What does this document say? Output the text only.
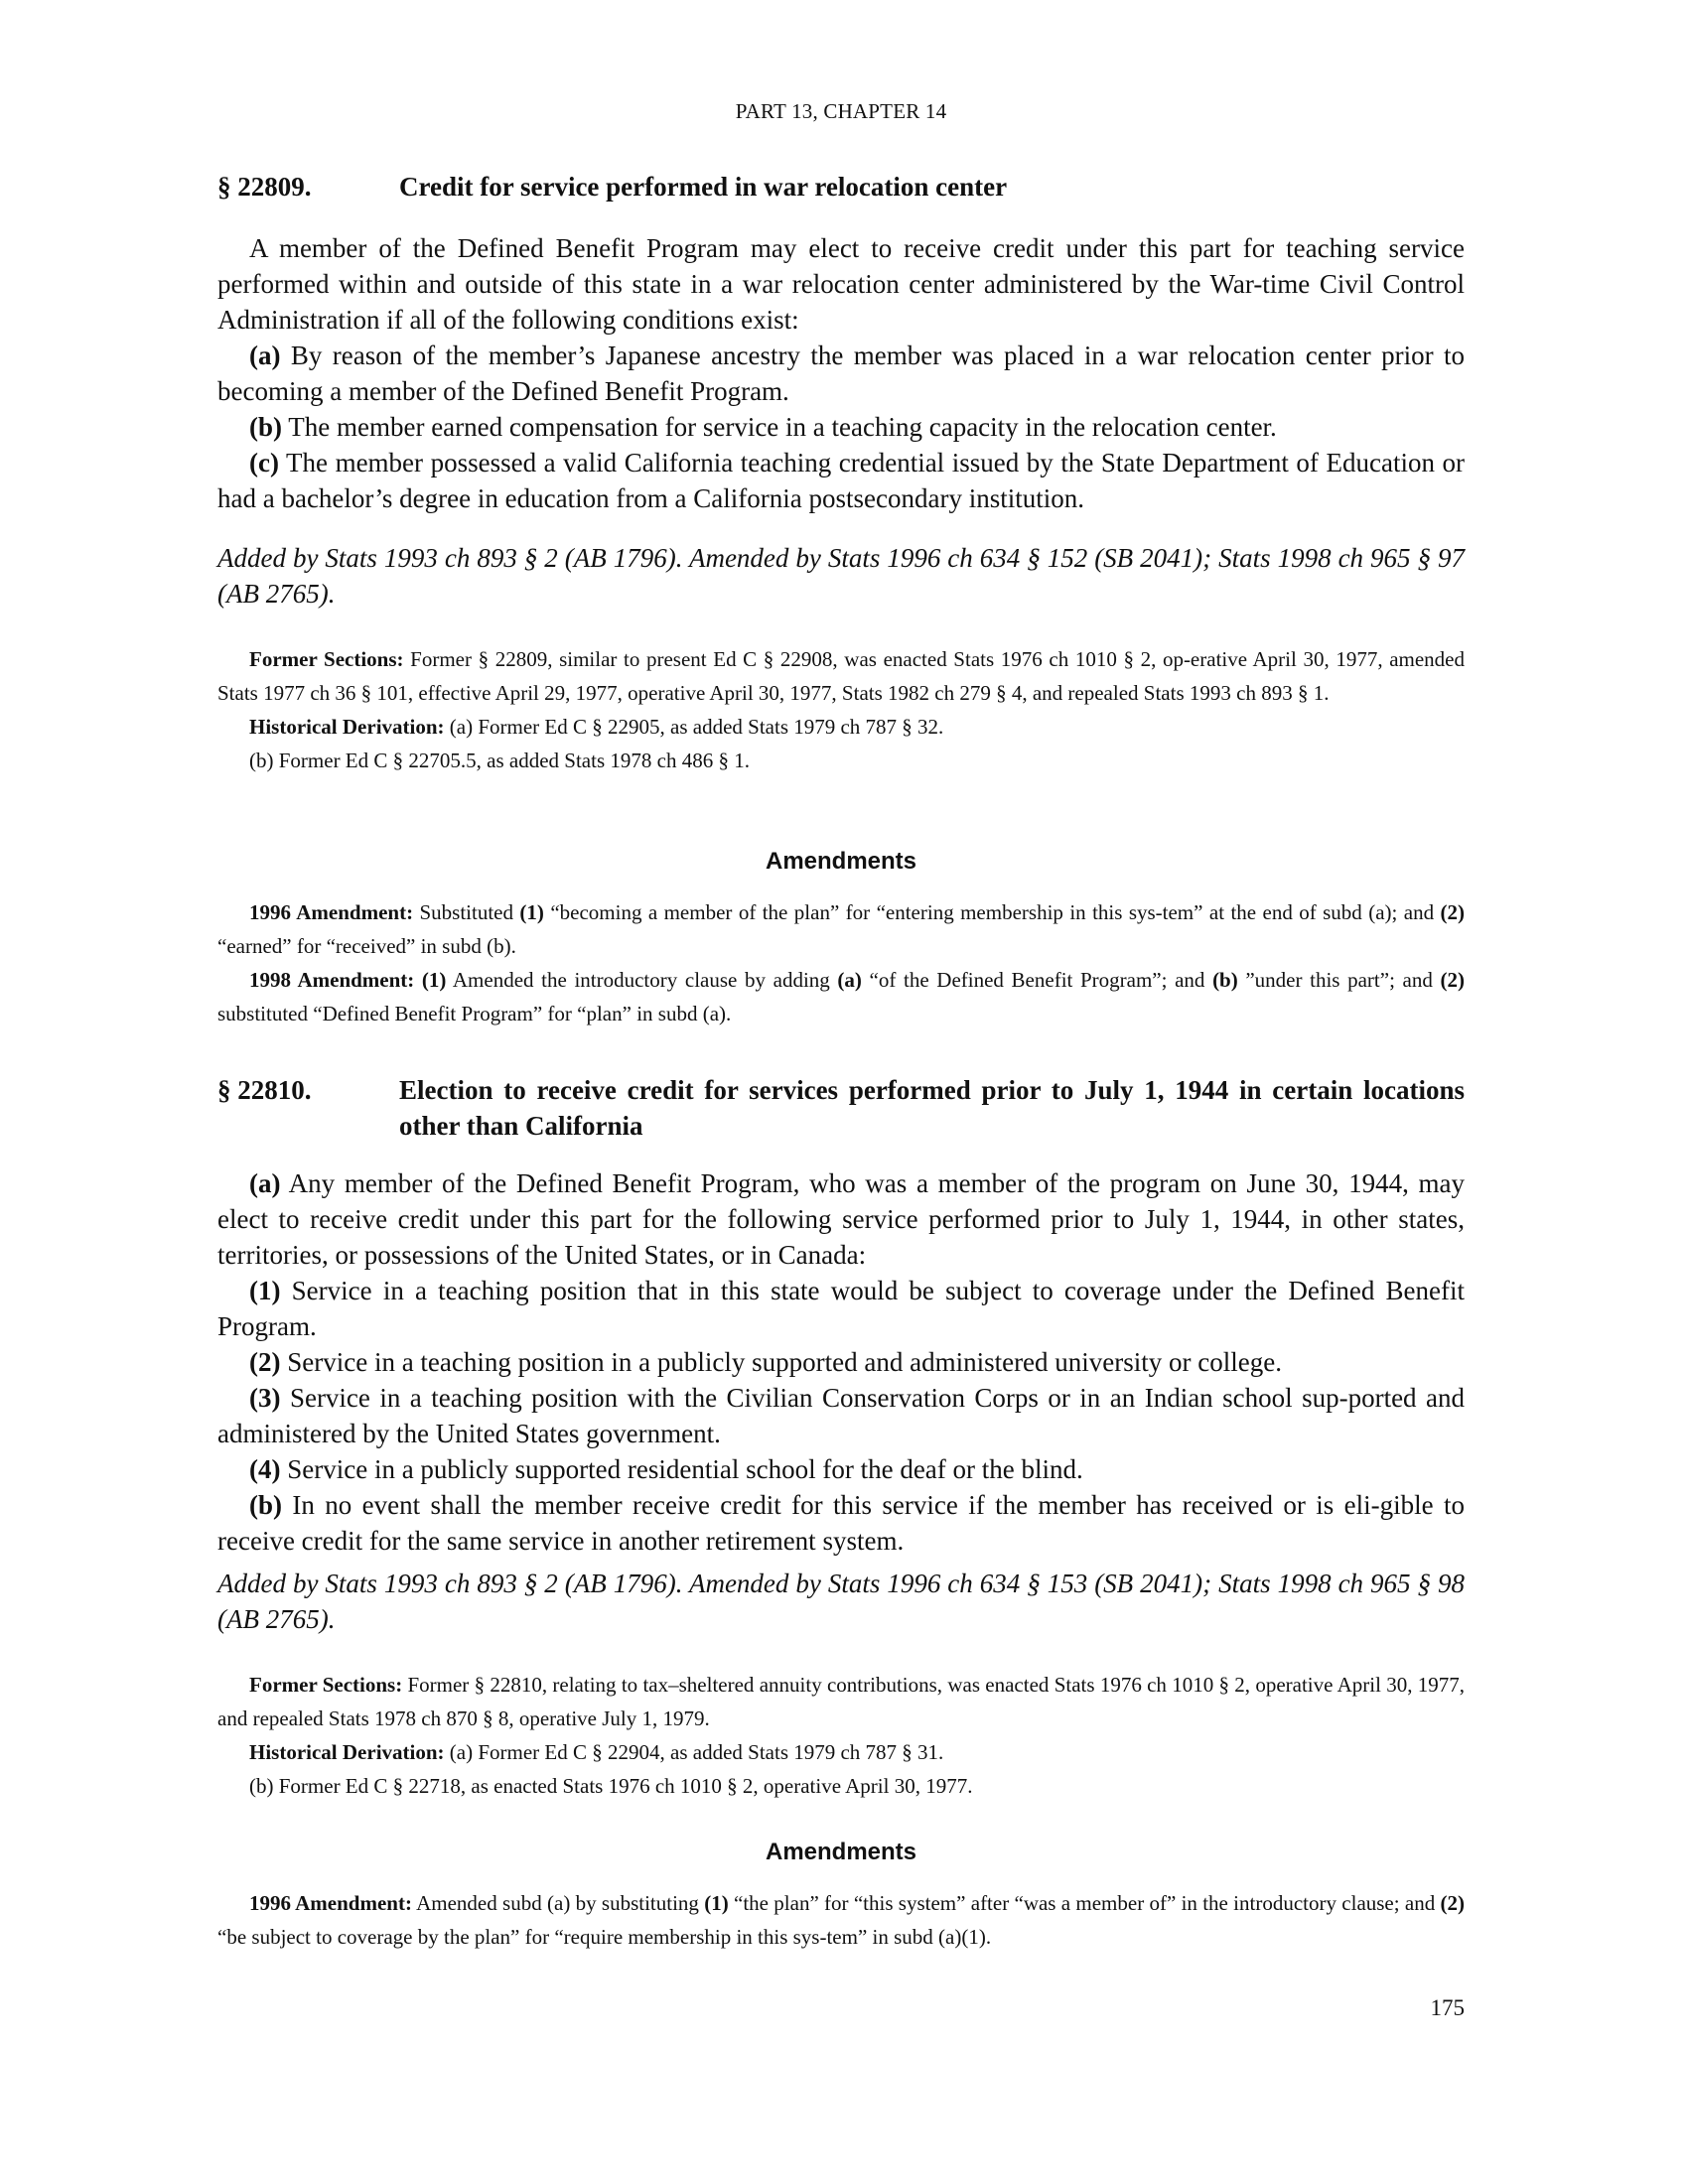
PART 13, CHAPTER 14
§ 22809.	Credit for service performed in war relocation center

A member of the Defined Benefit Program may elect to receive credit under this part for teaching service performed within and outside of this state in a war relocation center administered by the War-time Civil Control Administration if all of the following conditions exist:

(a) By reason of the member’s Japanese ancestry the member was placed in a war relocation center prior to becoming a member of the Defined Benefit Program.

(b) The member earned compensation for service in a teaching capacity in the relocation center.

(c) The member possessed a valid California teaching credential issued by the State Department of Education or had a bachelor’s degree in education from a California postsecondary institution.

Added by Stats 1993 ch 893 § 2 (AB 1796). Amended by Stats 1996 ch 634 § 152 (SB 2041); Stats 1998 ch 965 § 97 (AB 2765).

Former Sections: Former § 22809, similar to present Ed C § 22908, was enacted Stats 1976 ch 1010 § 2, op-erative April 30, 1977, amended Stats 1977 ch 36 § 101, effective April 29, 1977, operative April 30, 1977, Stats 1982 ch 279 § 4, and repealed Stats 1993 ch 893 § 1.

Historical Derivation: (a) Former Ed C § 22905, as added Stats 1979 ch 787 § 32.

(b) Former Ed C § 22705.5, as added Stats 1978 ch 486 § 1.

Amendments

1996 Amendment: Substituted (1) “becoming a member of the plan” for “entering membership in this sys-tem” at the end of subd (a); and (2) “earned” for “received” in subd (b).

1998 Amendment: (1) Amended the introductory clause by adding (a) “of the Defined Benefit Program”; and (b) ”under this part”; and (2) substituted “Defined Benefit Program” for “plan” in subd (a).

§ 22810.	Election to receive credit for services performed prior to July 1, 1944 in certain locations other than California

(a) Any member of the Defined Benefit Program, who was a member of the program on June 30, 1944, may elect to receive credit under this part for the following service performed prior to July 1, 1944, in other states, territories, or possessions of the United States, or in Canada:

(1) Service in a teaching position that in this state would be subject to coverage under the Defined Benefit Program.

(2) Service in a teaching position in a publicly supported and administered university or college.

(3) Service in a teaching position with the Civilian Conservation Corps or in an Indian school sup-ported and administered by the United States government.

(4) Service in a publicly supported residential school for the deaf or the blind.

(b) In no event shall the member receive credit for this service if the member has received or is eli-gible to receive credit for the same service in another retirement system.

Added by Stats 1993 ch 893 § 2 (AB 1796). Amended by Stats 1996 ch 634 § 153 (SB 2041); Stats 1998 ch 965 § 98 (AB 2765).

Former Sections: Former § 22810, relating to tax–sheltered annuity contributions, was enacted Stats 1976 ch 1010 § 2, operative April 30, 1977, and repealed Stats 1978 ch 870 § 8, operative July 1, 1979.

Historical Derivation: (a) Former Ed C § 22904, as added Stats 1979 ch 787 § 31.

(b) Former Ed C § 22718, as enacted Stats 1976 ch 1010 § 2, operative April 30, 1977.

Amendments

1996 Amendment: Amended subd (a) by substituting (1) “the plan” for “this system” after “was a member of” in the introductory clause; and (2) “be subject to coverage by the plan” for “require membership in this sys-tem” in subd (a)(1).

175
